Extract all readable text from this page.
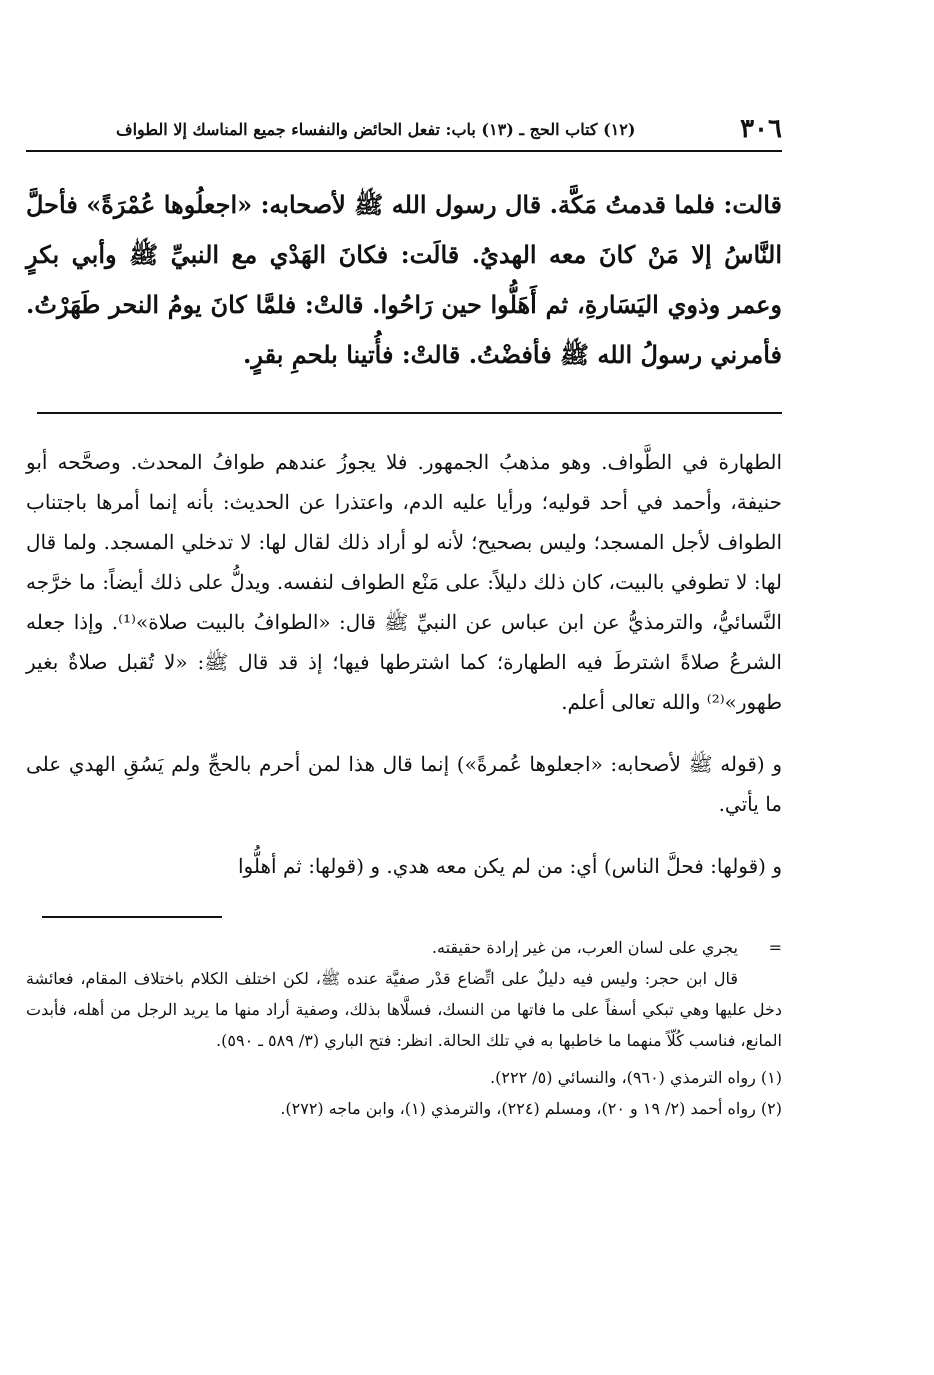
٣٠٦
(١٢) كتاب الحج ـ (١٣) باب: تفعل الحائض والنفساء جميع المناسك إلا الطواف
قالت: فلما قدمتُ مَكَّة. قال رسول الله ﷺ لأصحابه: «اجعلُوها عُمْرَةً» فأحلَّ النَّاسُ إلا مَنْ كانَ معه الهديُ. قالَت: فكانَ الهَدْي مع النبيِّ ﷺ وأبي بكرٍ وعمر وذوي اليَسَارةِ، ثم أَهَلُّوا حين رَاحُوا. قالتْ: فلمَّا كانَ يومُ النحر طَهَرْتُ. فأمرني رسولُ الله ﷺ فأفضْتُ. قالتْ: فأُتينا بلحمِ بقرٍ.

الطهارة في الطَّواف. وهو مذهبُ الجمهور. فلا يجوزُ عندهم طوافُ المحدث. وصحَّحه أبو حنيفة، وأحمد في أحد قوليه؛ ورأيا عليه الدم، واعتذرا عن الحديث: بأنه إنما أمرها باجتناب الطواف لأجل المسجد؛ وليس بصحيح؛ لأنه لو أراد ذلك لقال لها: لا تدخلي المسجد. ولما قال لها: لا تطوفي بالبيت، كان ذلك دليلاً: على مَنْع الطواف لنفسه. ويدلُّ على ذلك أيضاً: ما خرَّجه النَّسائيُّ، والترمذيُّ عن ابن عباس عن النبيِّ ﷺ قال: «الطوافُ بالبيت صلاة»⁽¹⁾. وإذا جعله الشرعُ صلاةً اشترطَ فيه الطهارة؛ كما اشترطها فيها؛ إذ قد قال ﷺ: «لا تُقبل صلاةٌ بغير طهور»⁽²⁾ والله تعالى أعلم.

و (قوله ﷺ لأصحابه: «اجعلوها عُمرةً») إنما قال هذا لمن أحرم بالحجِّ ولم يَسُقِ الهدي على ما يأتي.

و (قولها: فحلَّ الناس) أي: من لم يكن معه هدي. و (قولها: ثم أهلُّوا

=
يجري على لسان العرب، من غير إرادة حقيقته.

قال ابن حجر: وليس فيه دليلٌ على اتِّضاع قدْر صفيَّة عنده ﷺ، لكن اختلف الكلام باختلاف المقام، فعائشة دخل عليها وهي تبكي أسفاً على ما فاتها من النسك، فسلَّاها بذلك، وصفية أراد منها ما يريد الرجل من أهله، فأبدت المانع، فناسب كُلّاً منهما ما خاطبها به في تلك الحالة. انظر: فتح الباري (٣/ ٥٨٩ ـ ٥٩٠).

(١) رواه الترمذي (٩٦٠)، والنسائي (٥/ ٢٢٢).

(٢) رواه أحمد (٢/ ١٩ و ٢٠)، ومسلم (٢٢٤)، والترمذي (١)، وابن ماجه (٢٧٢).
